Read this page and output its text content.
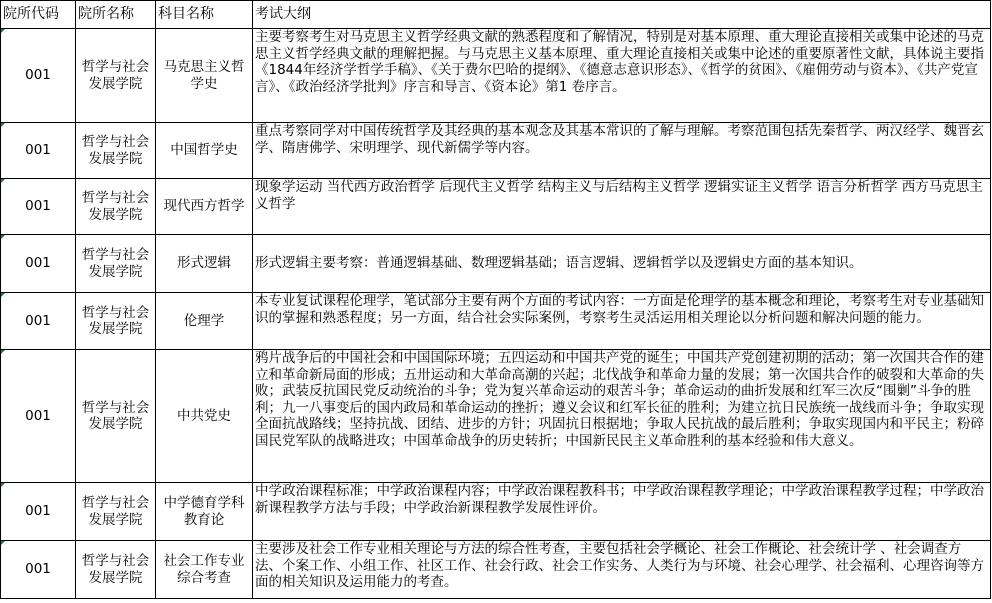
院所代码	院所名称	科目名称	考试大纲
001	哲学与社会发展学院	马克思主义哲学史	主要考察考生对马克思主义哲学经典文献的熟悉程度和了解情况，特别是对基本原理、重大理论直接相关或集中论述的马克思主义哲学经典文献的理解把握。与马克思主义基本原理、重大理论直接相关或集中论述的重要原著性文献，具体说主要指《1844年经济学哲学手稿》、《关于费尔巴哈的提纲》、《德意志意识形态》、《哲学的贫困》、《雇佣劳动与资本》、《共产党宣言》、《政治经济学批判》序言和导言、《资本论》第1 卷序言。
001	哲学与社会发展学院	中国哲学史	重点考察同学对中国传统哲学及其经典的基本观念及其基本常识的了解与理解。考察范围包括先秦哲学、两汉经学、魏晋玄学、隋唐佛学、宋明理学、现代新儒学等内容。
001	哲学与社会发展学院	现代西方哲学	现象学运动 当代西方政治哲学 后现代主义哲学 结构主义与后结构主义哲学 逻辑实证主义哲学 语言分析哲学 西方马克思主义哲学
001	哲学与社会发展学院	形式逻辑	形式逻辑主要考察：普通逻辑基础、数理逻辑基础；语言逻辑、逻辑哲学以及逻辑史方面的基本知识。
001	哲学与社会发展学院	伦理学	本专业复试课程伦理学，笔试部分主要有两个方面的考试内容：一方面是伦理学的基本概念和理论，考察考生对专业基础知识的掌握和熟悉程度；另一方面，结合社会实际案例，考察考生灵活运用相关理论以分析问题和解决问题的能力。
001	哲学与社会发展学院	中共党史	鸦片战争后的中国社会和中国国际环境；五四运动和中国共产党的诞生；中国共产党创建初期的活动；第一次国共合作的建立和革命新局面的形成；五卅运动和大革命高潮的兴起；北伐战争和革命力量的发展；第一次国共合作的破裂和大革命的失败；武装反抗国民党反动统治的斗争；党为复兴革命运动的艰苦斗争；革命运动的曲折发展和红军三次反“围剿”斗争的胜利；九一八事变后的国内政局和革命运动的挫折；遵义会议和红军长征的胜利；为建立抗日民族统一战线而斗争；争取实现全面抗战路线；坚持抗战、团结、进步的方针；巩固抗日根据地；争取人民抗战的最后胜利；争取实现国内和平民主；粉碎国民党军队的战略进攻；中国革命战争的历史转折；中国新民民主义革命胜利的基本经验和伟大意义。
001	哲学与社会发展学院	中学德育学科教育论	中学政治课程标准；中学政治课程内容；中学政治课程教科书；中学政治课程教学理论；中学政治课程教学过程；中学政治新课程教学方法与手段；中学政治新课程教学发展性评价。
001	哲学与社会发展学院	社会工作专业综合考查	主要涉及社会工作专业相关理论与方法的综合性考查，主要包括社会学概论、社会工作概论、社会统计学 、社会调查方法、个案工作、小组工作、社区工作、社会行政、社会工作实务、人类行为与环境、社会心理学、社会福利、心理咨询等方面的相关知识及运用能力的考查。
